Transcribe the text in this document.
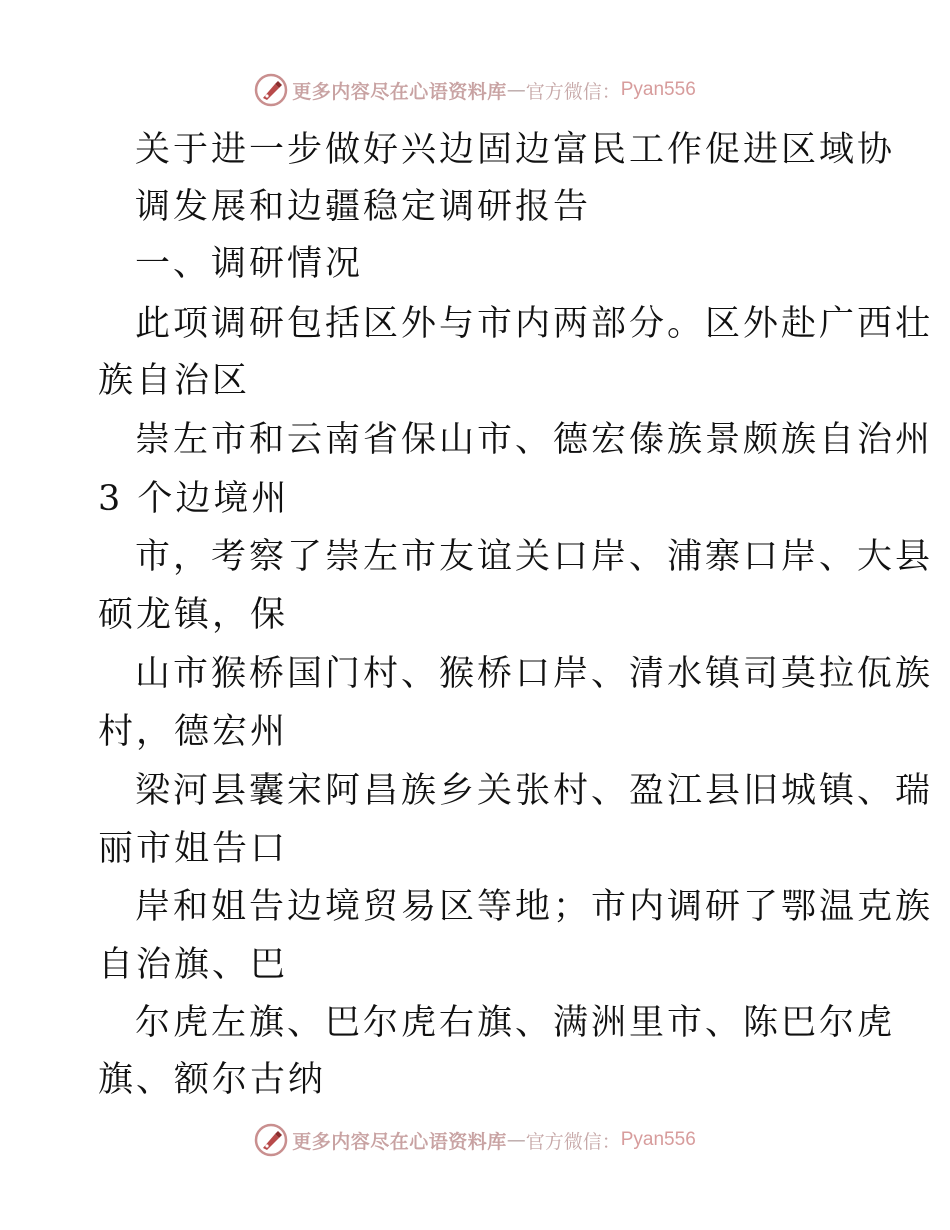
更多内容尽在心语资料库 — 官方微信： Pyan556
关于进一步做好兴边固边富民工作促进区域协
调发展和边疆稳定调研报告
一、调研情况
此项调研包括区外与市内两部分。区外赴广西壮
族自治区
崇左市和云南省保山市、德宏傣族景颇族自治州
3 个边境州
市，考察了崇左市友谊关口岸、浦寨口岸、大县
硕龙镇，保
山市猴桥国门村、猴桥口岸、清水镇司莫拉佤族
村，德宏州
梁河县囊宋阿昌族乡关张村、盈江县旧城镇、瑞
丽市姐告口
岸和姐告边境贸易区等地；市内调研了鄂温克族
自治旗、巴
尔虎左旗、巴尔虎右旗、满洲里市、陈巴尔虎
旗、额尔古纳
更多内容尽在心语资料库 — 官方微信： Pyan556
